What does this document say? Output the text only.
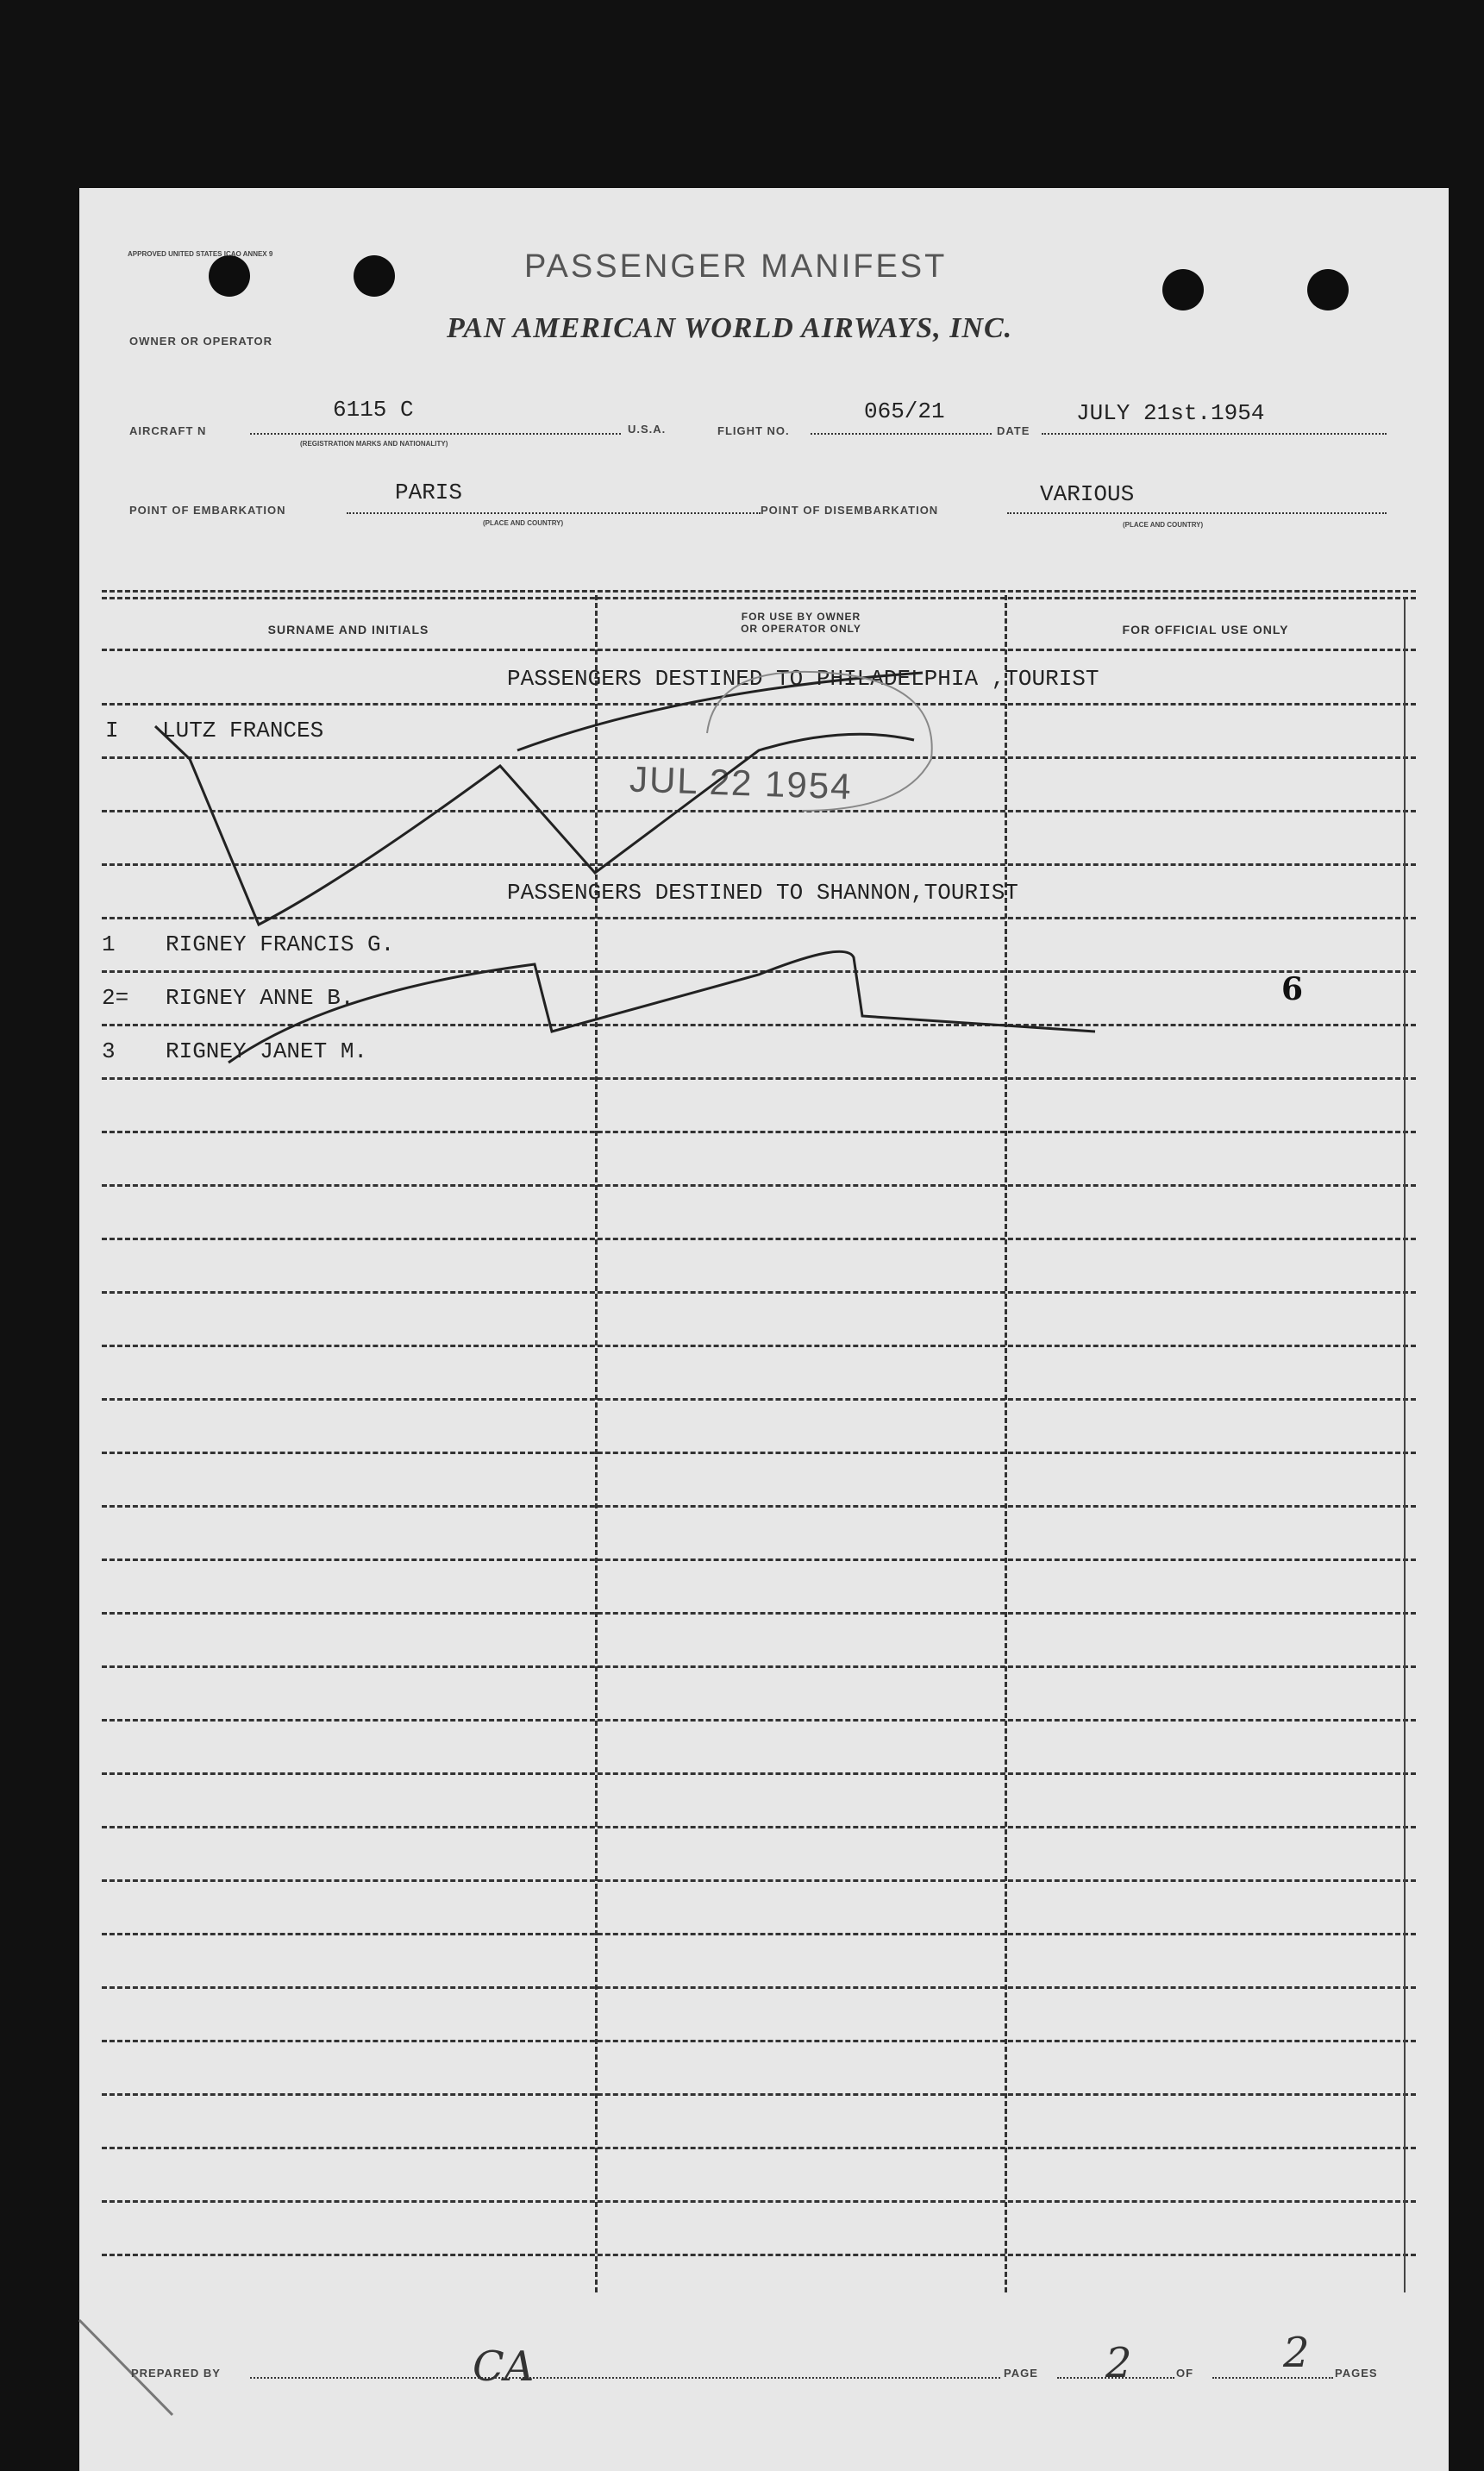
APPROVED UNITED STATES ICAO ANNEX 9	PASSENGER MANIFEST
OWNER OR OPERATOR	PAN AMERICAN WORLD AIRWAYS, INC.
AIRCRAFT N
6115 C
(REGISTRATION MARKS AND NATIONALITY)
U.S.A.	FLIGHT NO.
065/21
DATE
JULY 21st.1954
POINT OF EMBARKATION
PARIS
(PLACE AND COUNTRY)
POINT OF DISEMBARKATION
VARIOUS
(PLACE AND COUNTRY)
SURNAME AND INITIALS
FOR USE BY OWNER
OR OPERATOR ONLY	FOR OFFICIAL USE ONLY
PASSENGERS DESTINED TO PHILADELPHIA ,TOURIST
I LUTZ FRANCES
PASSENGERS DESTINED TO SHANNON,TOURIST
1 RIGNEY FRANCIS G.
2= RIGNEY ANNE B.
3 RIGNEY JANET M.
JUL 22 1954
6
PREPARED BY	CA	PAGE 2	OF 2 PAGES
